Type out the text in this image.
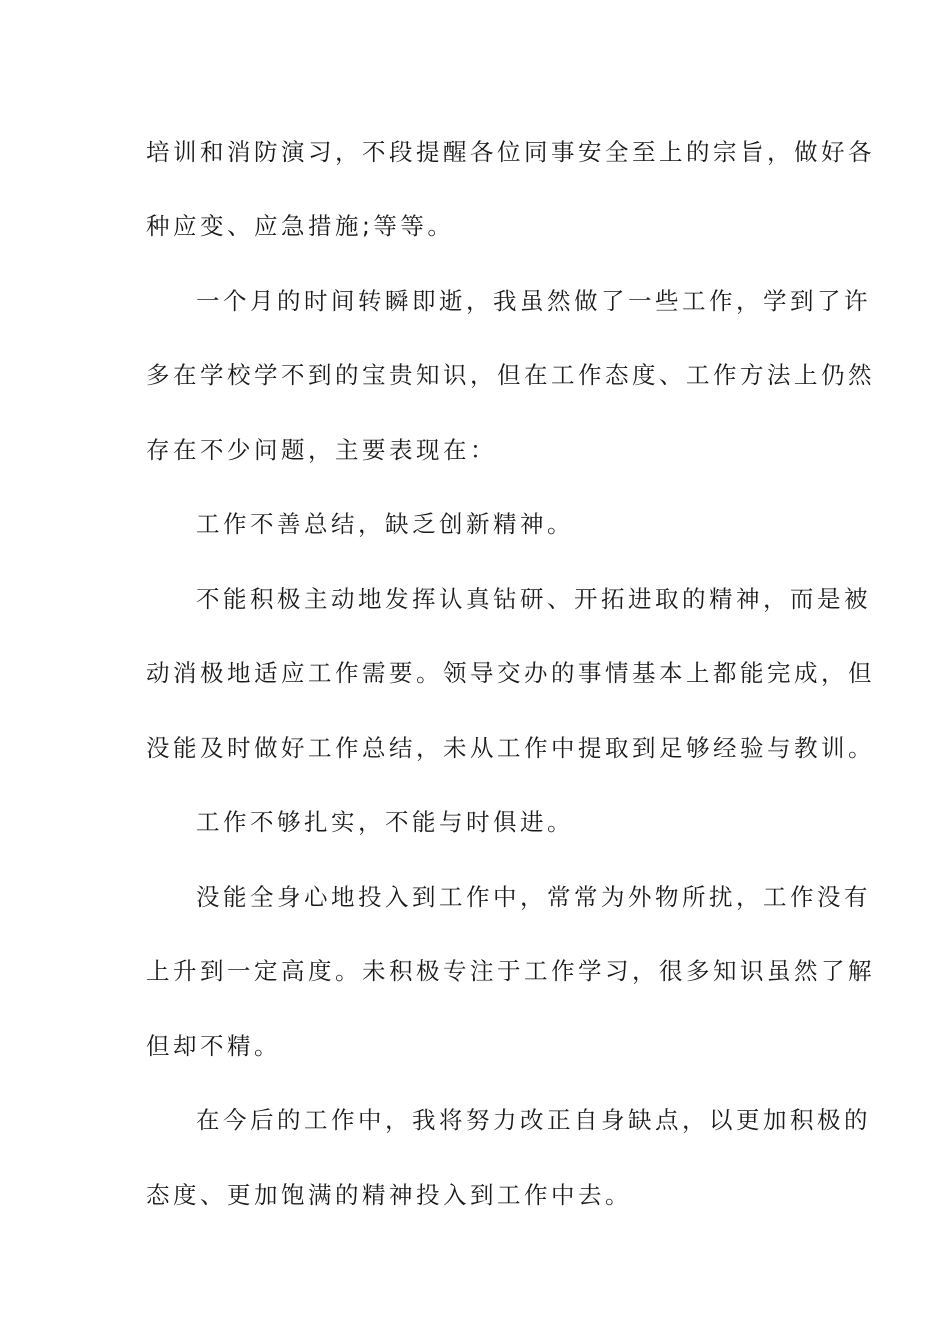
培训和消防演习，不段提醒各位同事安全至上的宗旨，做好各
种应变、应急措施;等等。
一个月的时间转瞬即逝，我虽然做了一些工作，学到了许
多在学校学不到的宝贵知识，但在工作态度、工作方法上仍然
存在不少问题，主要表现在：
工作不善总结，缺乏创新精神。
不能积极主动地发挥认真钻研、开拓进取的精神，而是被
动消极地适应工作需要。领导交办的事情基本上都能完成，但
没能及时做好工作总结，未从工作中提取到足够经验与教训。
工作不够扎实，不能与时俱进。
没能全身心地投入到工作中，常常为外物所扰，工作没有
上升到一定高度。未积极专注于工作学习，很多知识虽然了解
但却不精。
在今后的工作中，我将努力改正自身缺点，以更加积极的
态度、更加饱满的精神投入到工作中去。
